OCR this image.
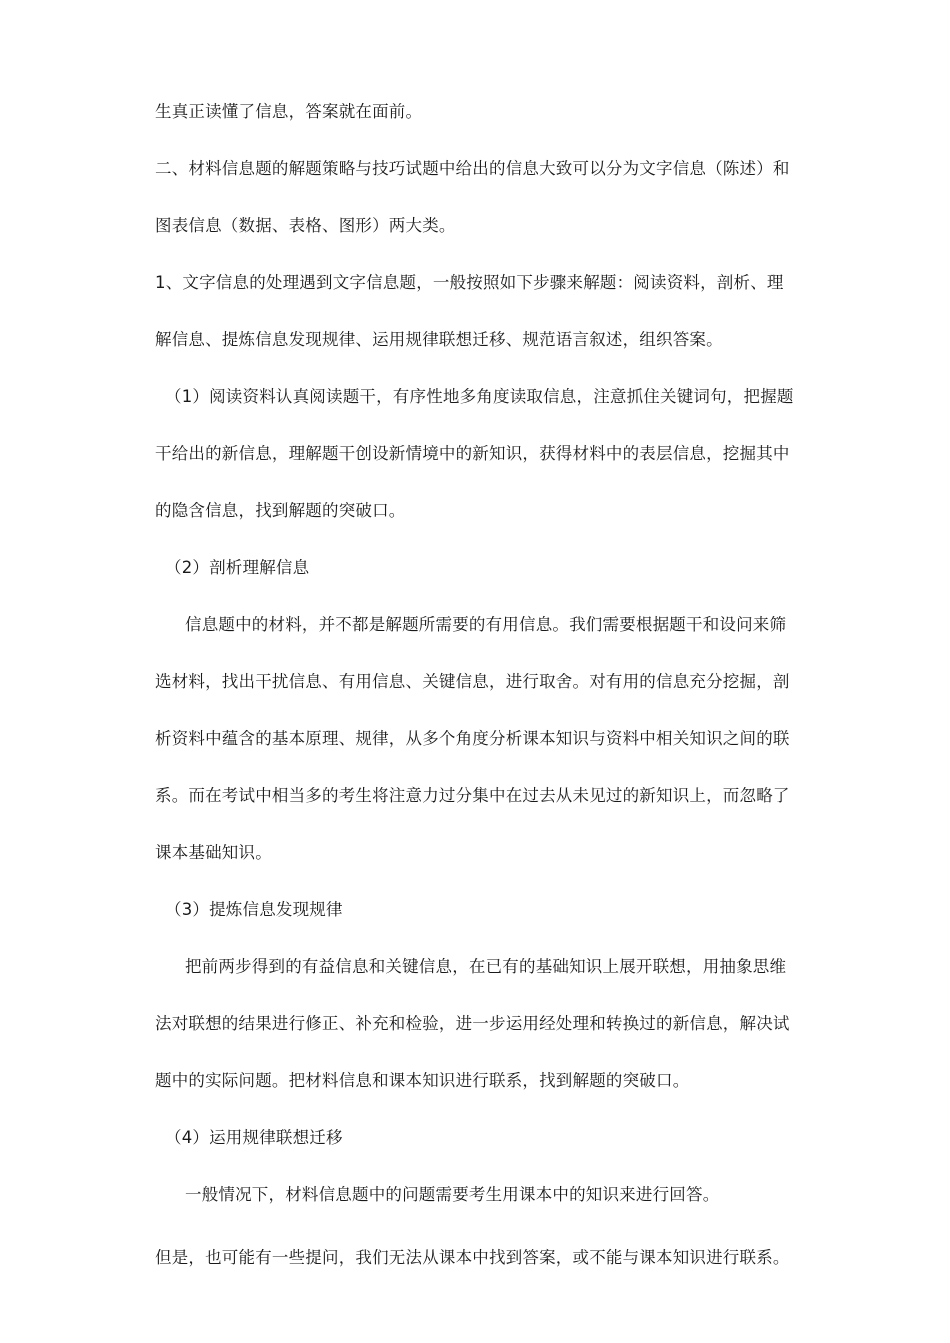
生真正读懂了信息，答案就在面前。
二、材料信息题的解题策略与技巧试题中给出的信息大致可以分为文字信息（陈述）和
图表信息（数据、表格、图形）两大类。
1、文字信息的处理遇到文字信息题，一般按照如下步骤来解题：阅读资料，剖析、理
解信息、提炼信息发现规律、运用规律联想迁移、规范语言叙述，组织答案。
（1）阅读资料认真阅读题干，有序性地多角度读取信息，注意抓住关键词句，把握题
干给出的新信息，理解题干创设新情境中的新知识，获得材料中的表层信息，挖掘其中
的隐含信息，找到解题的突破口。
（2）剖析理解信息
信息题中的材料，并不都是解题所需要的有用信息。我们需要根据题干和设问来筛
选材料，找出干扰信息、有用信息、关键信息，进行取舍。对有用的信息充分挖掘，剖
析资料中蕴含的基本原理、规律，从多个角度分析课本知识与资料中相关知识之间的联
系。而在考试中相当多的考生将注意力过分集中在过去从未见过的新知识上，而忽略了
课本基础知识。
（3）提炼信息发现规律
把前两步得到的有益信息和关键信息，在已有的基础知识上展开联想，用抽象思维
法对联想的结果进行修正、补充和检验，进一步运用经处理和转换过的新信息，解决试
题中的实际问题。把材料信息和课本知识进行联系，找到解题的突破口。
（4）运用规律联想迁移
一般情况下，材料信息题中的问题需要考生用课本中的知识来进行回答。
但是，也可能有一些提问，我们无法从课本中找到答案，或不能与课本知识进行联系。
